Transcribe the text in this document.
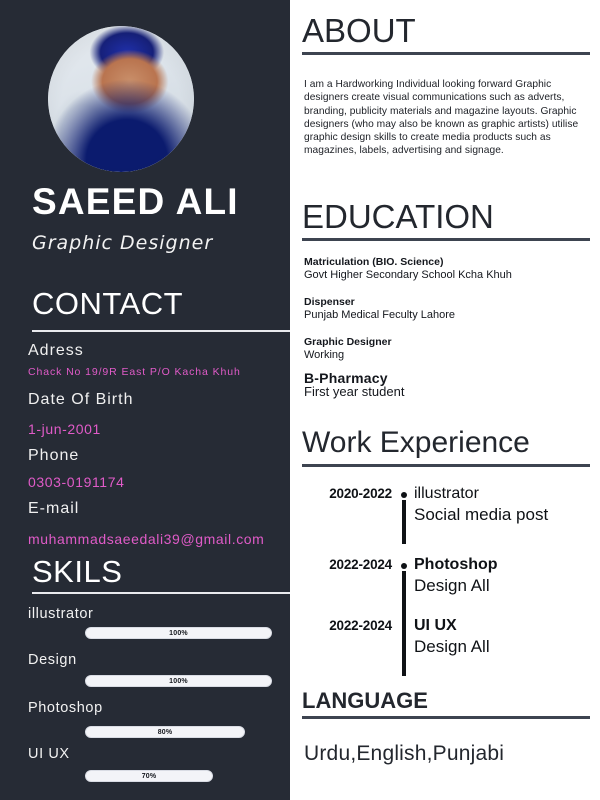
SAEED ALI
Graphic Designer
CONTACT
Adress
Chack No 19/9R East P/O Kacha Khuh
Date Of Birth
1-jun-2001
Phone
0303-0191174
E-mail
muhammadsaeedali39@gmail.com
SKILS
illustrator
100%
Design
100%
Photoshop
80%
UI UX
70%
ABOUT

I am a Hardworking Individual looking forward Graphic designers create visual communications such as adverts, branding, publicity materials and magazine layouts. Graphic designers (who may also be known as graphic artists) utilise graphic design skills to create media products such as magazines, labels, advertising and signage.

EDUCATION
Matriculation (BIO. Science)
Govt Higher Secondary School Kcha Khuh
Dispenser
Punjab Medical Feculty Lahore
Graphic Designer
Working
B-Pharmacy
First year student
Work Experience
2020-2022 illustrator
Social media post
2022-2024 Photoshop
Design All
2022-2024 UI UX
Design All
LANGUAGE
Urdu,English,Punjabi
